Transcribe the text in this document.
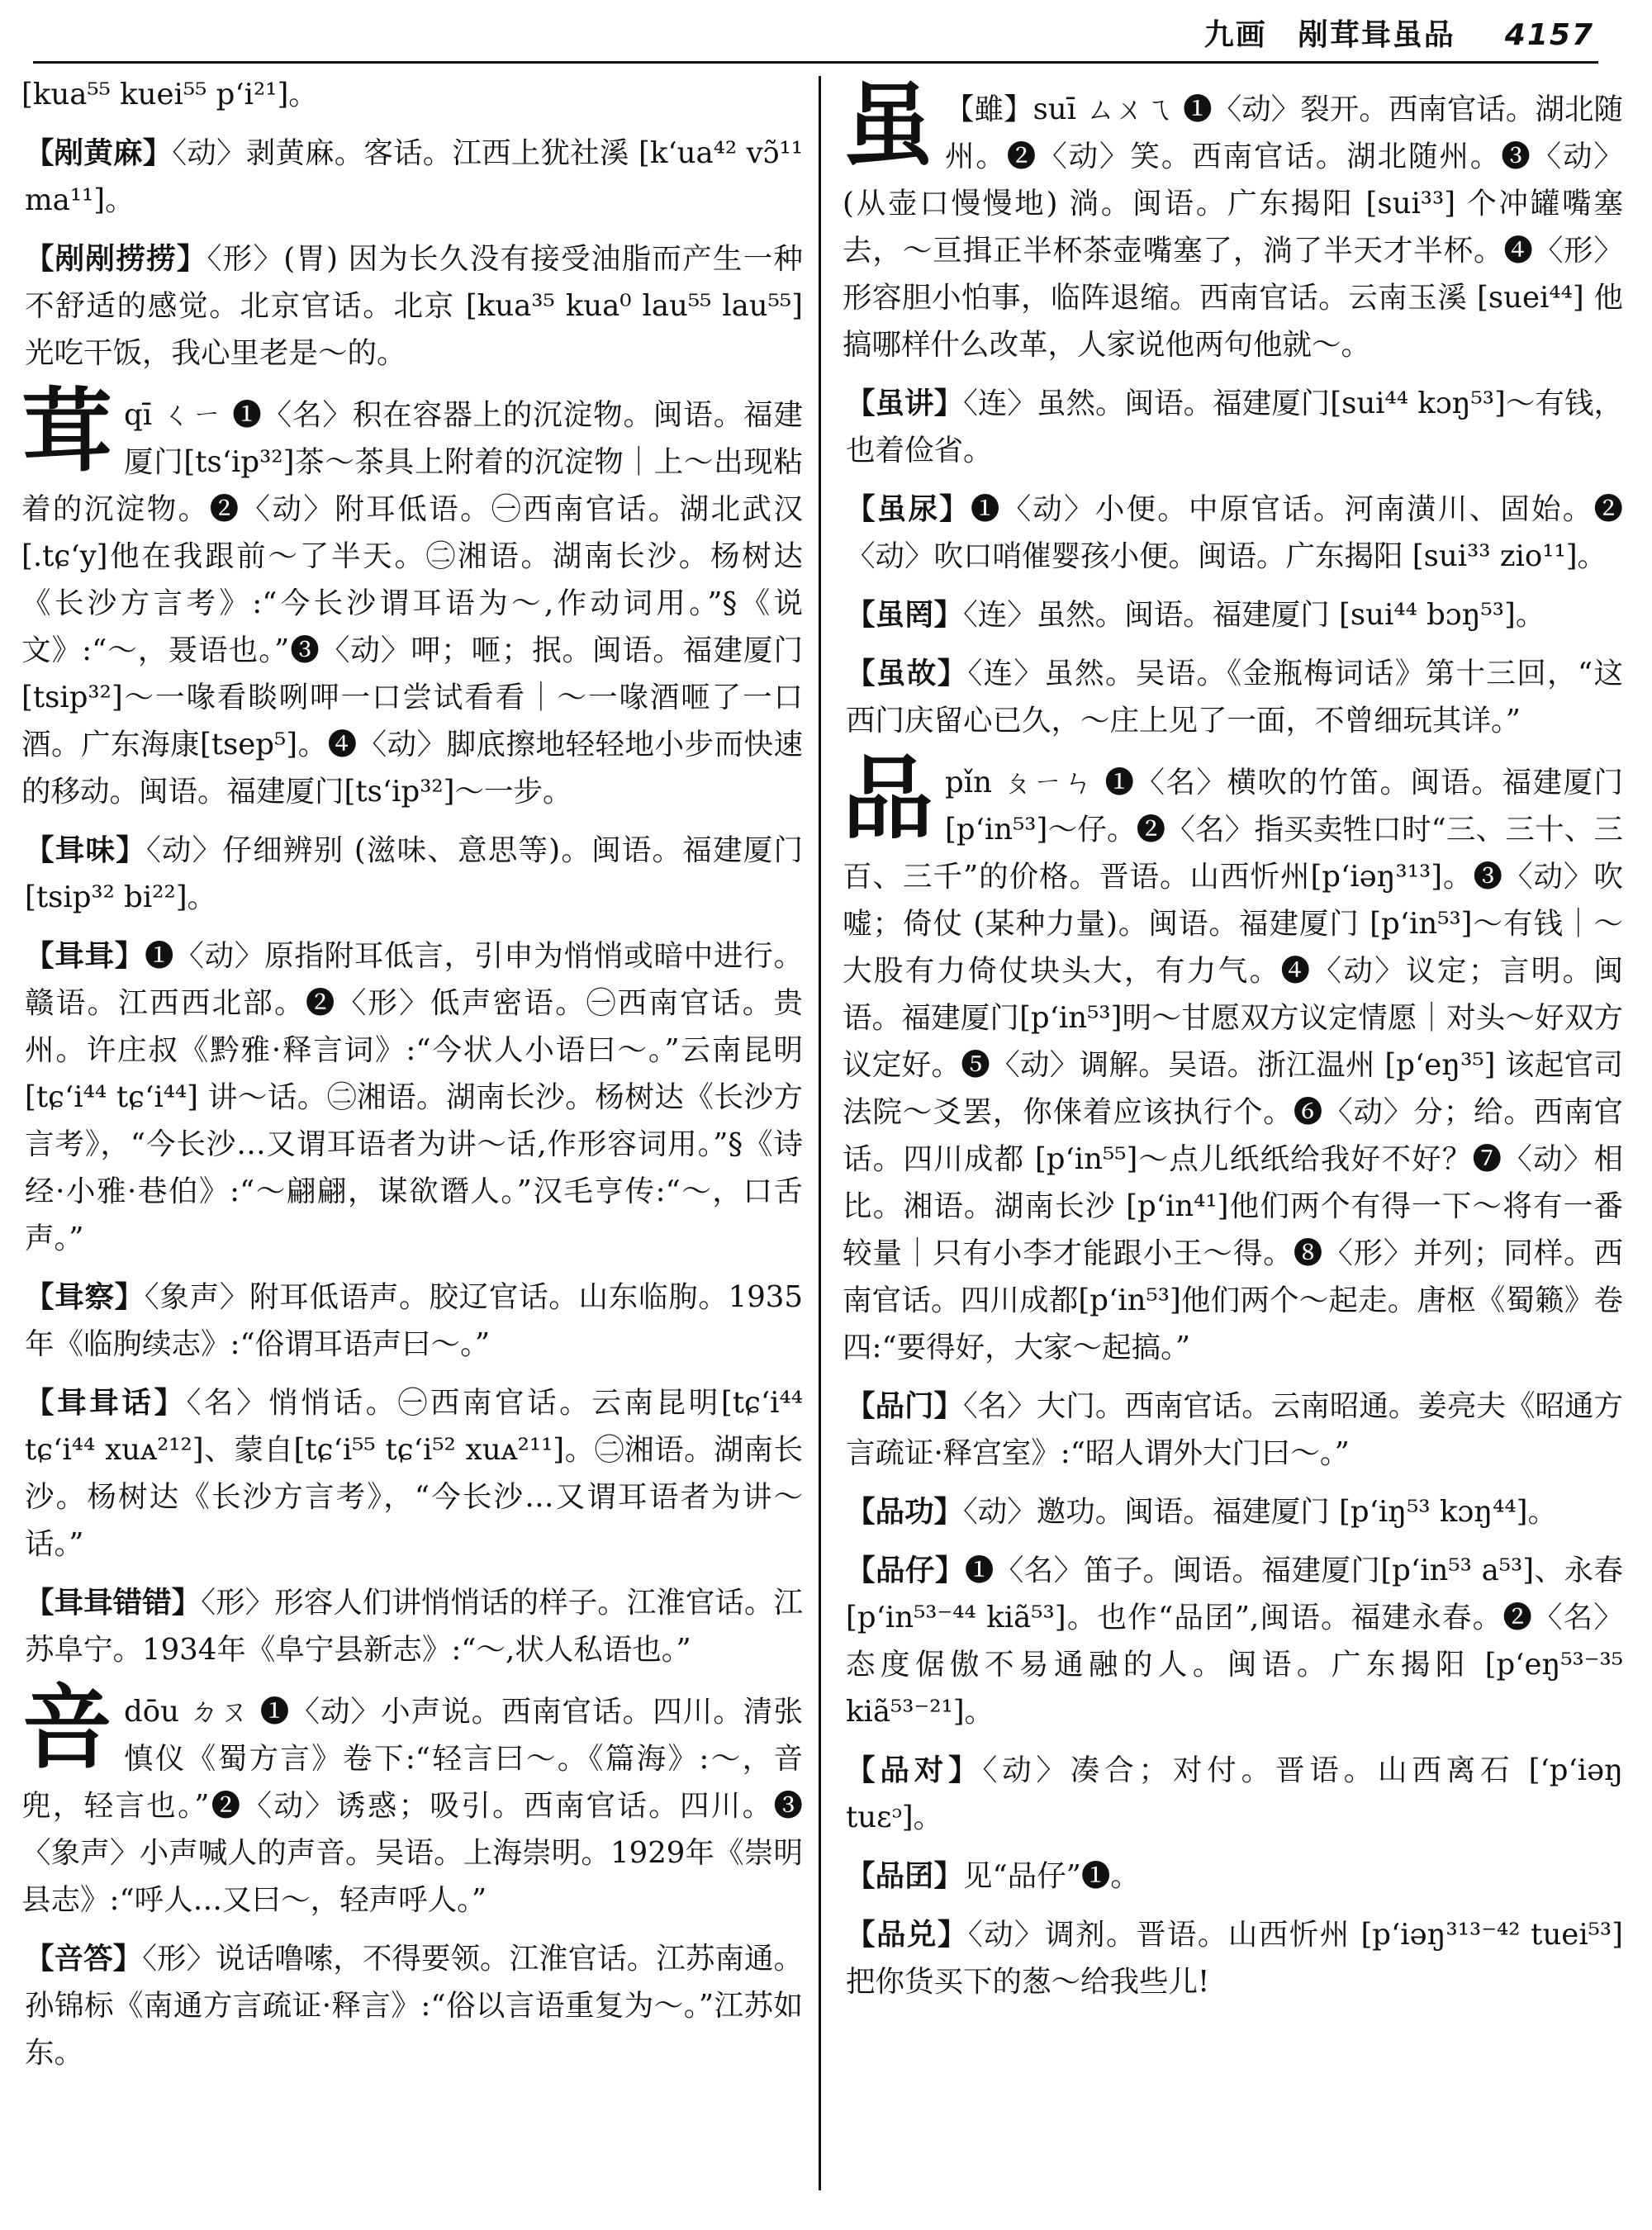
九画　剐茸咠虽品 4157
[kua⁵⁵ kuei⁵⁵ p‘i²¹]。
【剐黄麻】〈动〉剥黄麻。客话。江西上犹社溪 [k‘ua⁴² vɔ̃¹¹ ma¹¹]。
【剐剐捞捞】〈形〉(胃) 因为长久没有接受油脂而产生一种不舒适的感觉。北京官话。北京 [kua³⁵ kua⁰ lau⁵⁵ lau⁵⁵]光吃干饭，我心里老是～的。
茸qī ㄑㄧ ❶〈名〉积在容器上的沉淀物。闽语。福建厦门[ts‘ip³²]茶～茶具上附着的沉淀物｜上～出现粘着的沉淀物。❷〈动〉附耳低语。㊀西南官话。湖北武汉 [.tɕ‘y]他在我跟前～了半天。㊁湘语。湖南长沙。杨树达《长沙方言考》:“今长沙谓耳语为～,作动词用。”§《说文》:“～，聂语也。”❸〈动〉呷；咂；抿。闽语。福建厦门[tsip³²]～一喙看睒咧呷一口尝试看看｜～一喙酒咂了一口酒。广东海康[tsep⁵]。❹〈动〉脚底擦地轻轻地小步而快速的移动。闽语。福建厦门[ts‘ip³²]～一步。
【咠味】〈动〉仔细辨别 (滋味、意思等)。闽语。福建厦门[tsip³² bi²²]。
【咠咠】❶〈动〉原指附耳低言，引申为悄悄或暗中进行。赣语。江西西北部。❷〈形〉低声密语。㊀西南官话。贵州。许庄叔《黔雅·释言词》:“今状人小语曰～。”云南昆明 [tɕ‘i⁴⁴ tɕ‘i⁴⁴] 讲～话。㊁湘语。湖南长沙。杨树达《长沙方言考》，“今长沙…又谓耳语者为讲～话,作形容词用。”§《诗经·小雅·巷伯》:“～翩翩，谋欲谮人。”汉毛亨传:“～，口舌声。”
【咠察】〈象声〉附耳低语声。胶辽官话。山东临朐。1935年《临朐续志》:“俗谓耳语声曰～。”
【咠咠话】〈名〉悄悄话。㊀西南官话。云南昆明[tɕ‘i⁴⁴ tɕ‘i⁴⁴ xuᴀ²¹²]、蒙自[tɕ‘i⁵⁵ tɕ‘i⁵² xuᴀ²¹¹]。㊁湘语。湖南长沙。杨树达《长沙方言考》，“今长沙…又谓耳语者为讲～话。”
【咠咠错错】〈形〉形容人们讲悄悄话的样子。江淮官话。江苏阜宁。1934年《阜宁县新志》:“～,状人私语也。”
咅dōu ㄉㄡ ❶〈动〉小声说。西南官话。四川。清张慎仪《蜀方言》卷下:“轻言曰～。《篇海》:～，音兜，轻言也。”❷〈动〉诱惑；吸引。西南官话。四川。❸〈象声〉小声喊人的声音。吴语。上海崇明。1929年《崇明县志》:“呼人…又曰～，轻声呼人。”
【咅答】〈形〉说话噜嗦，不得要领。江淮官话。江苏南通。孙锦标《南通方言疏证·释言》:“俗以言语重复为～。”江苏如东。
虽 【雖】suī ㄙㄨㄟ ❶〈动〉裂开。西南官话。湖北随州。❷〈动〉笑。西南官话。湖北随州。❸〈动〉(从壶口慢慢地) 淌。闽语。广东揭阳 [sui³³] 个冲罐嘴塞去，～亘揖正半杯茶壶嘴塞了，淌了半天才半杯。❹〈形〉形容胆小怕事，临阵退缩。西南官话。云南玉溪 [suei⁴⁴] 他搞哪样什么改革，人家说他两句他就～。
【虽讲】〈连〉虽然。闽语。福建厦门[sui⁴⁴ kɔŋ⁵³]～有钱，也着俭省。
【虽尿】❶〈动〉小便。中原官话。河南潢川、固始。❷〈动〉吹口哨催婴孩小便。闽语。广东揭阳 [sui³³ zio¹¹]。
【虽罔】〈连〉虽然。闽语。福建厦门 [sui⁴⁴ bɔŋ⁵³]。
【虽故】〈连〉虽然。吴语。《金瓶梅词话》第十三回，“这西门庆留心已久，～庄上见了一面，不曾细玩其详。”
品pǐn ㄆㄧㄣ ❶〈名〉横吹的竹笛。闽语。福建厦门 [p‘in⁵³]～仔。❷〈名〉指买卖牲口时“三、三十、三百、三千”的价格。晋语。山西忻州[p‘iəŋ³¹³]。❸〈动〉吹嘘；倚仗 (某种力量)。闽语。福建厦门 [p‘in⁵³]～有钱｜～大股有力倚仗块头大，有力气。❹〈动〉议定；言明。闽语。福建厦门[p‘in⁵³]明～甘愿双方议定情愿｜对头～好双方议定好。❺〈动〉调解。吴语。浙江温州 [p‘eŋ³⁵] 该起官司法院～爻罢，你俫着应该执行个。❻〈动〉分；给。西南官话。四川成都 [p‘in⁵⁵]～点儿纸纸给我好不好？❼〈动〉相比。湘语。湖南长沙 [p‘in⁴¹]他们两个有得一下～将有一番较量｜只有小李才能跟小王～得。❽〈形〉并列；同样。西南官话。四川成都[p‘in⁵³]他们两个～起走。唐枢《蜀籁》卷四:“要得好，大家～起搞。”
【品门】〈名〉大门。西南官话。云南昭通。姜亮夫《昭通方言疏证·释宫室》:“昭人谓外大门曰～。”
【品功】〈动〉邀功。闽语。福建厦门 [p‘iŋ⁵³ kɔŋ⁴⁴]。
【品仔】❶〈名〉笛子。闽语。福建厦门[p‘in⁵³ a⁵³]、永春[p‘in⁵³⁻⁴⁴ kiã⁵³]。也作“品囝”,闽语。福建永春。❷〈名〉态度倨傲不易通融的人。闽语。广东揭阳 [p‘eŋ⁵³⁻³⁵ kiã⁵³⁻²¹]。
【品对】〈动〉凑合；对付。晋语。山西离石 [‘p‘iəŋ tuɛᵓ]。
【品囝】见“品仔”❶。
【品兑】〈动〉调剂。晋语。山西忻州 [p‘iəŋ³¹³⁻⁴² tuei⁵³]把你货买下的葱～给我些儿!
